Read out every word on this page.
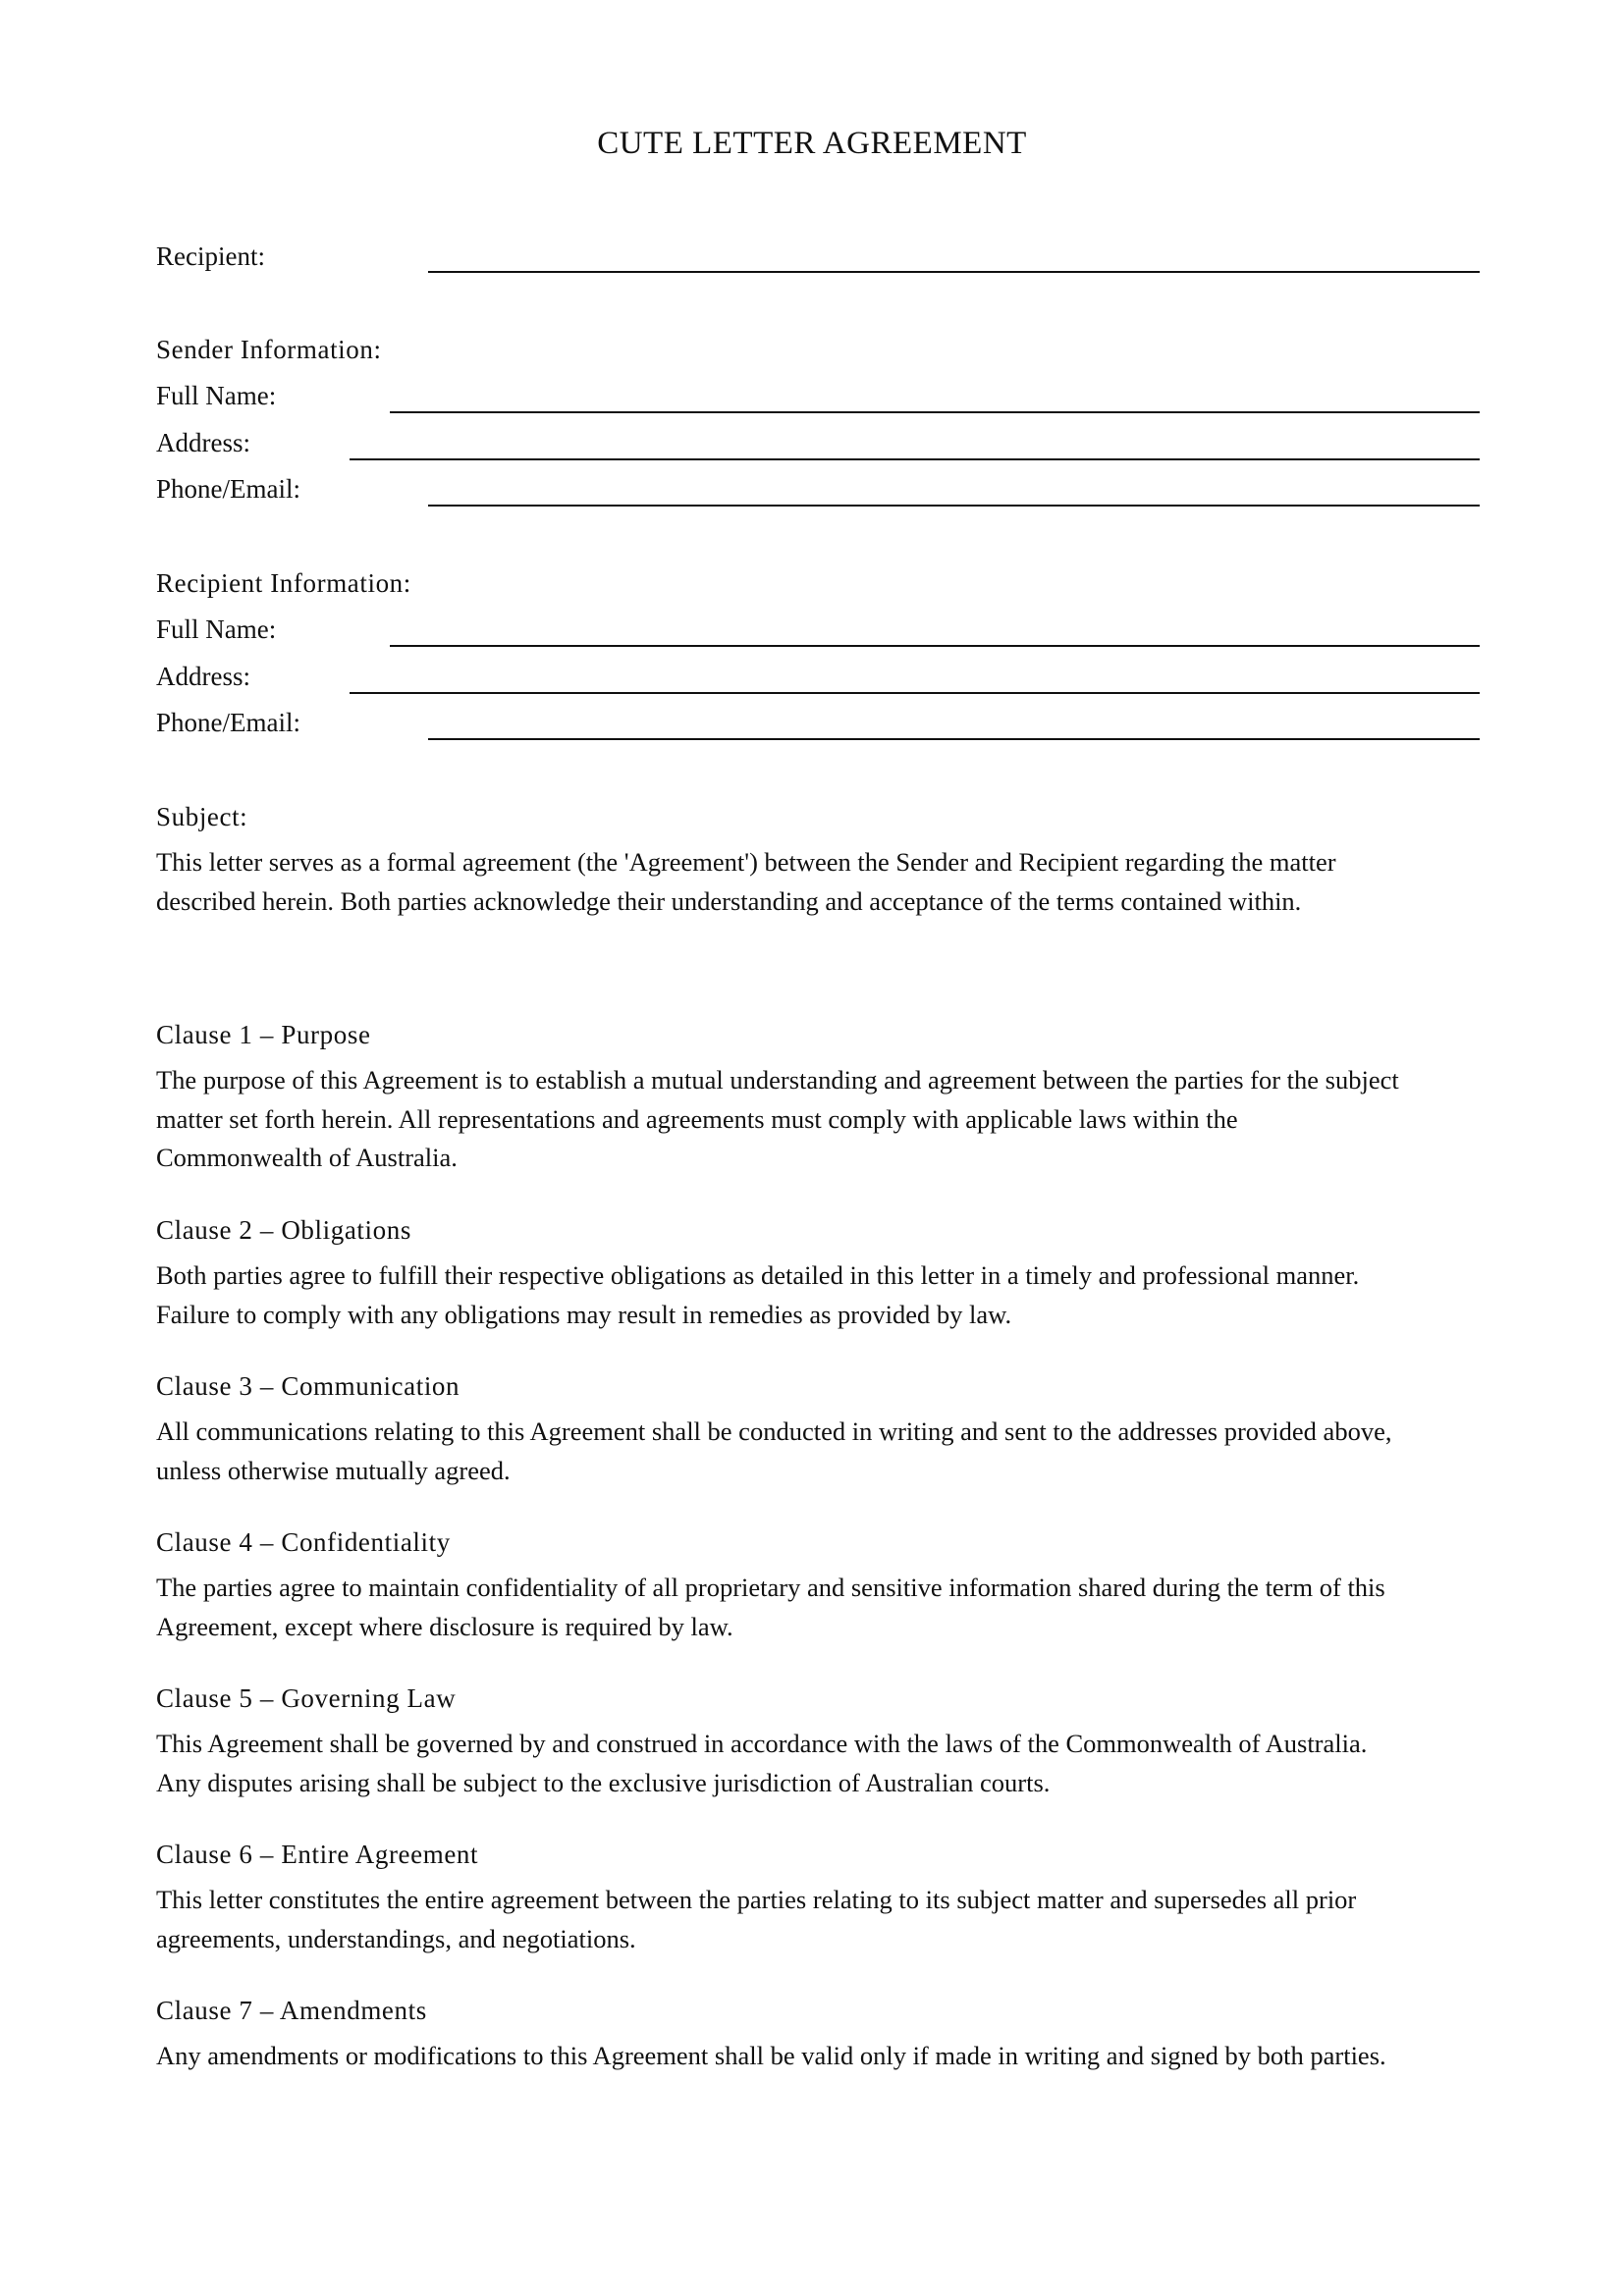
CUTE LETTER AGREEMENT
Recipient:
Sender Information:
Full Name:
Address:
Phone/Email:
Recipient Information:
Full Name:
Address:
Phone/Email:
Subject:
This letter serves as a formal agreement (the 'Agreement') between the Sender and Recipient regarding the matter
described herein. Both parties acknowledge their understanding and acceptance of the terms contained within.
Clause 1 – Purpose
The purpose of this Agreement is to establish a mutual understanding and agreement between the parties for the subject
matter set forth herein. All representations and agreements must comply with applicable laws within the
Commonwealth of Australia.
Clause 2 – Obligations
Both parties agree to fulfill their respective obligations as detailed in this letter in a timely and professional manner.
Failure to comply with any obligations may result in remedies as provided by law.
Clause 3 – Communication
All communications relating to this Agreement shall be conducted in writing and sent to the addresses provided above,
unless otherwise mutually agreed.
Clause 4 – Confidentiality
The parties agree to maintain confidentiality of all proprietary and sensitive information shared during the term of this
Agreement, except where disclosure is required by law.
Clause 5 – Governing Law
This Agreement shall be governed by and construed in accordance with the laws of the Commonwealth of Australia.
Any disputes arising shall be subject to the exclusive jurisdiction of Australian courts.
Clause 6 – Entire Agreement
This letter constitutes the entire agreement between the parties relating to its subject matter and supersedes all prior
agreements, understandings, and negotiations.
Clause 7 – Amendments
Any amendments or modifications to this Agreement shall be valid only if made in writing and signed by both parties.
